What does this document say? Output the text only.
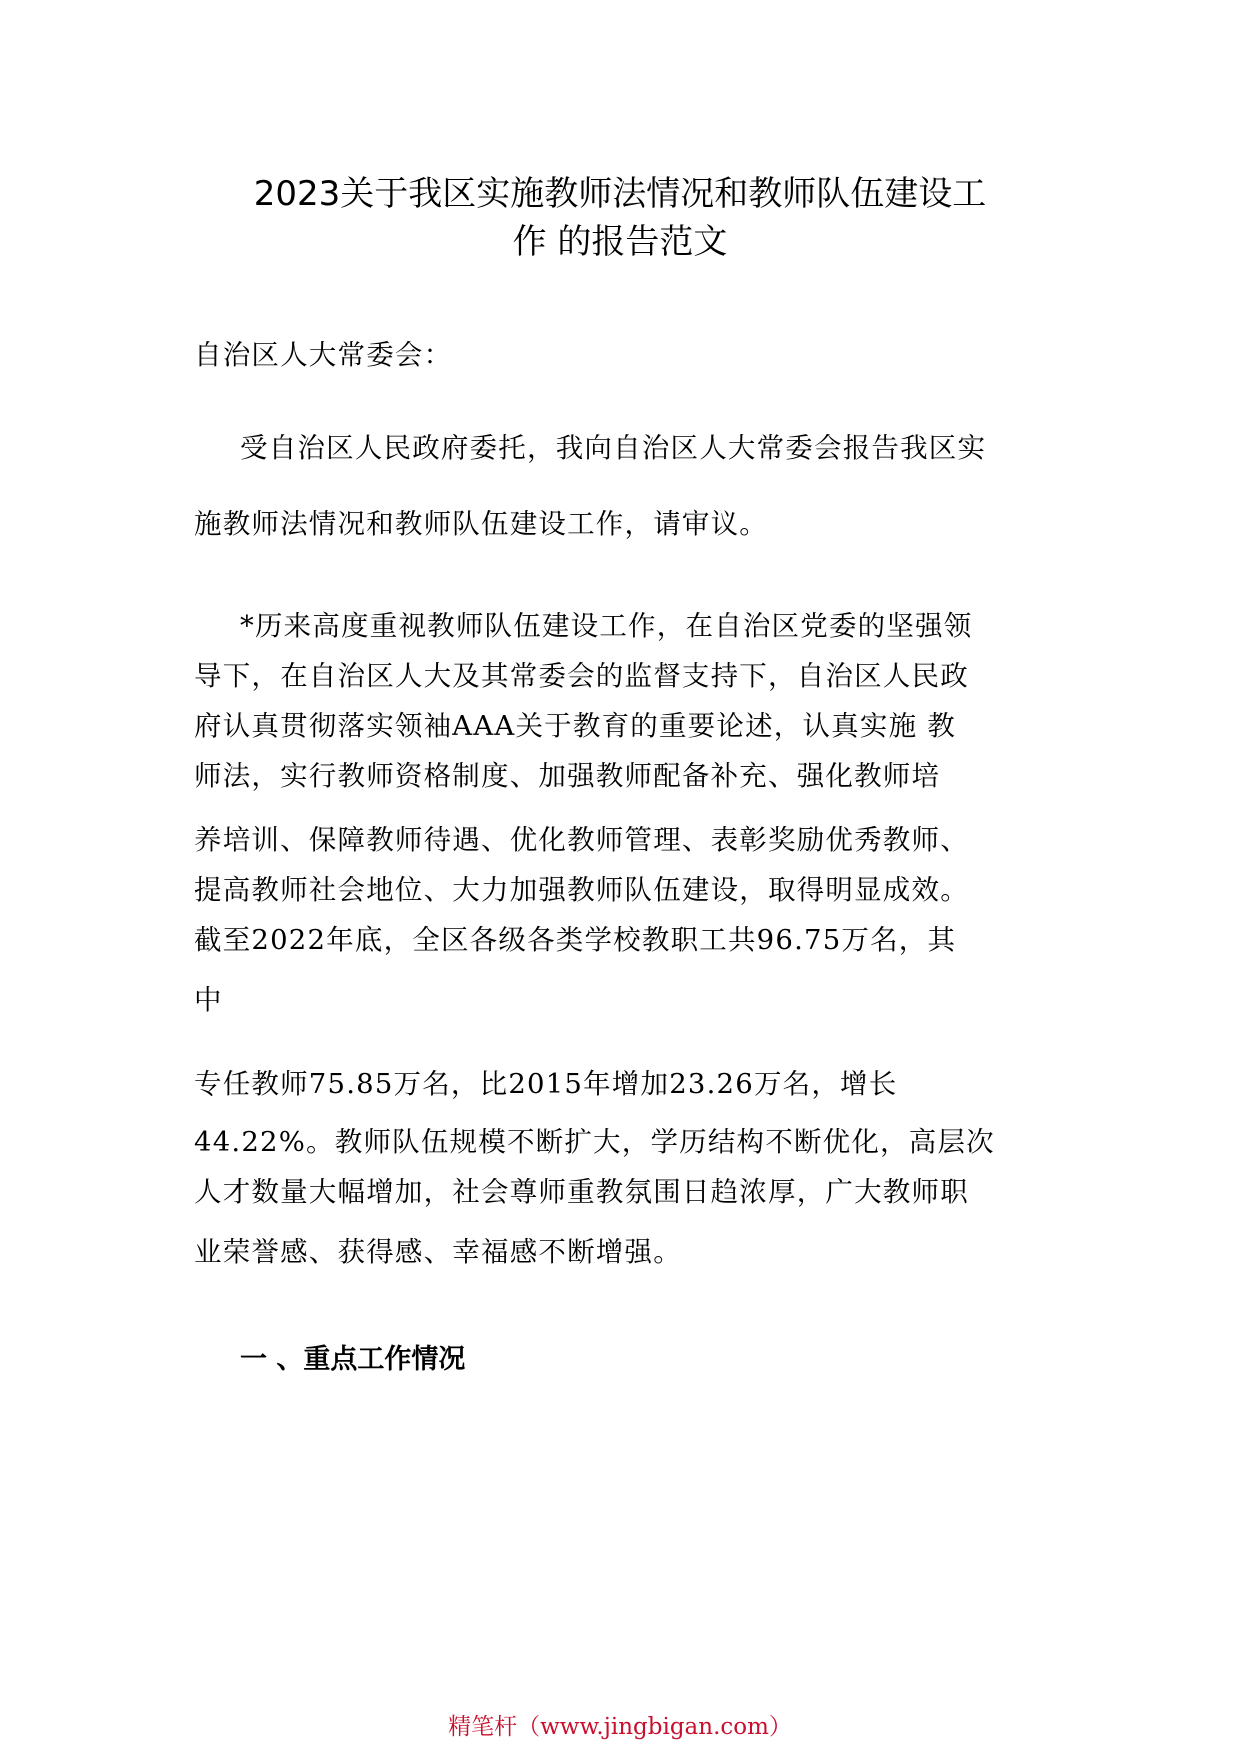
2023关于我区实施教师法情况和教师队伍建设工
作 的报告范文
自治区人大常委会：
受自治区人民政府委托，我向自治区人大常委会报告我区实
施教师法情况和教师队伍建设工作，请审议。
*历来高度重视教师队伍建设工作，在自治区党委的坚强领
导下，在自治区人大及其常委会的监督支持下，自治区人民政
府认真贯彻落实领袖AAA关于教育的重要论述，认真实施 教
师法，实行教师资格制度、加强教师配备补充、强化教师培
养培训、保障教师待遇、优化教师管理、表彰奖励优秀教师、
提高教师社会地位、大力加强教师队伍建设，取得明显成效。
截至2022年底，全区各级各类学校教职工共96.75万名，其
中
专任教师75.85万名，比2015年增加23.26万名，增长
44.22%。教师队伍规模不断扩大，学历结构不断优化，高层次
人才数量大幅增加，社会尊师重教氛围日趋浓厚，广大教师职
业荣誉感、获得感、幸福感不断增强。
一 、重点工作情况
精笔杆（www.jingbigan.com）
